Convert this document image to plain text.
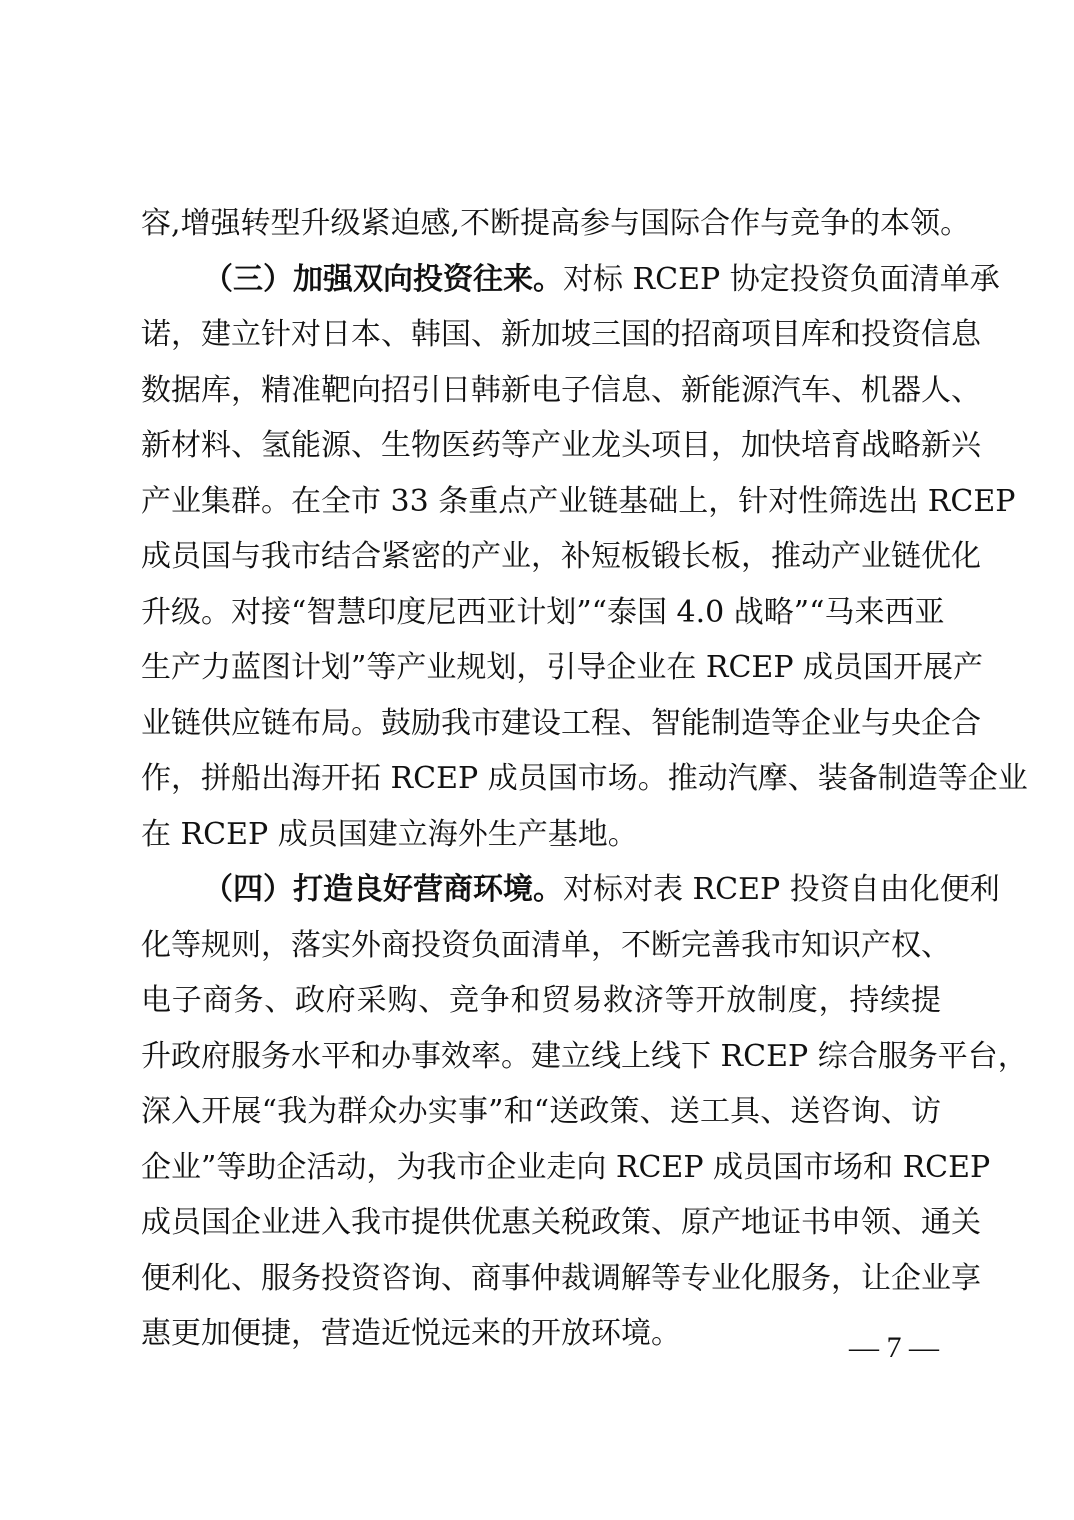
容,增强转型升级紧迫感,不断提高参与国际合作与竞争的本领。
（三）加强双向投资往来。对标 RCEP 协定投资负面清单承
诺，建立针对日本、韩国、新加坡三国的招商项目库和投资信息
数据库，精准靶向招引日韩新电子信息、新能源汽车、机器人、
新材料、氢能源、生物医药等产业龙头项目，加快培育战略新兴
产业集群。在全市 33 条重点产业链基础上，针对性筛选出 RCEP
成员国与我市结合紧密的产业，补短板锻长板，推动产业链优化
升级。对接“智慧印度尼西亚计划”“泰国 4.0 战略”“马来西亚
生产力蓝图计划”等产业规划，引导企业在 RCEP 成员国开展产
业链供应链布局。鼓励我市建设工程、智能制造等企业与央企合
作，拼船出海开拓 RCEP 成员国市场。推动汽摩、装备制造等企业
在 RCEP 成员国建立海外生产基地。
（四）打造良好营商环境。对标对表 RCEP 投资自由化便利
化等规则，落实外商投资负面清单，不断完善我市知识产权、
电子商务、政府采购、竞争和贸易救济等开放制度，持续提
升政府服务水平和办事效率。建立线上线下 RCEP 综合服务平台，
深入开展“我为群众办实事”和“送政策、送工具、送咨询、访
企业”等助企活动，为我市企业走向 RCEP 成员国市场和 RCEP
成员国企业进入我市提供优惠关税政策、原产地证书申领、通关
便利化、服务投资咨询、商事仲裁调解等专业化服务，让企业享
惠更加便捷，营造近悦远来的开放环境。	— 7 —
